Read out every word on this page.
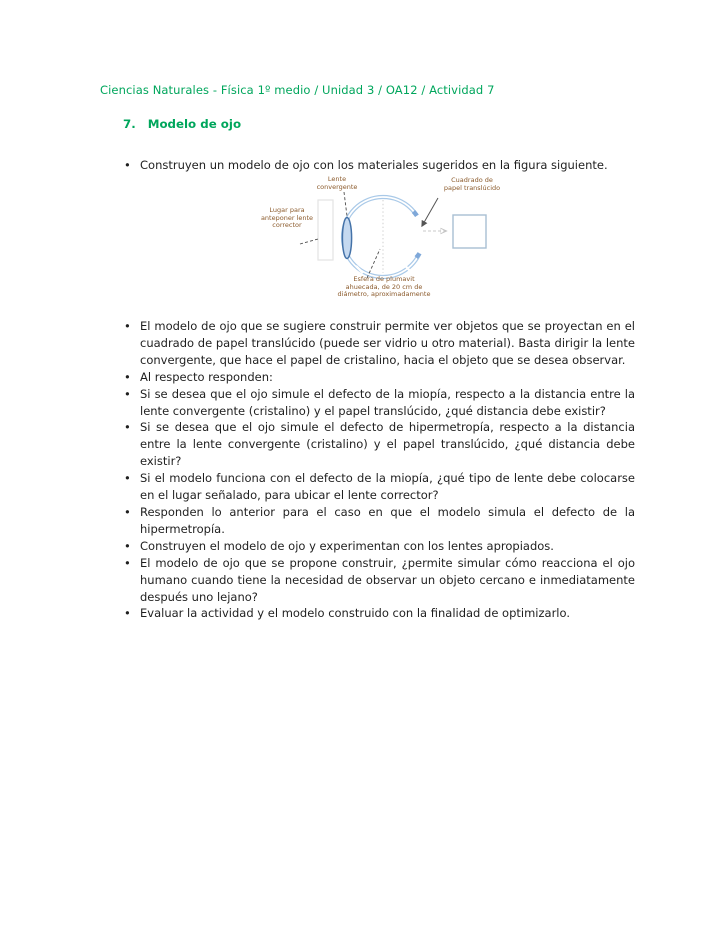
Ciencias Naturales - Física 1º medio / Unidad 3 / OA12 / Actividad 7
7. Modelo de ojo
• Construyen un modelo de ojo con los materiales sugeridos en la figura siguiente.
Lente convergente
Cuadrado de papel translúcido
Lugar para anteponer lente corrector
Esfera de plumavit ahuecada, de 20 cm de diámetro, aproximadamente
• El modelo de ojo que se sugiere construir permite ver objetos que se proyectan en el cuadrado de papel translúcido (puede ser vidrio u otro material). Basta dirigir la lente convergente, que hace el papel de cristalino, hacia el objeto que se desea observar.
• Al respecto responden:
• Si se desea que el ojo simule el defecto de la miopía, respecto a la distancia entre la lente convergente (cristalino) y el papel translúcido, ¿qué distancia debe existir?
• Si se desea que el ojo simule el defecto de hipermetropía, respecto a la distancia entre la lente convergente (cristalino) y el papel translúcido, ¿qué distancia debe existir?
• Si el modelo funciona con el defecto de la miopía, ¿qué tipo de lente debe colocarse en el lugar señalado, para ubicar el lente corrector?
• Responden lo anterior para el caso en que el modelo simula el defecto de la hipermetropía.
• Construyen el modelo de ojo y experimentan con los lentes apropiados.
• El modelo de ojo que se propone construir, ¿permite simular cómo reacciona el ojo humano cuando tiene la necesidad de observar un objeto cercano e inmediatamente después uno lejano?
• Evaluar la actividad y el modelo construido con la finalidad de optimizarlo.
